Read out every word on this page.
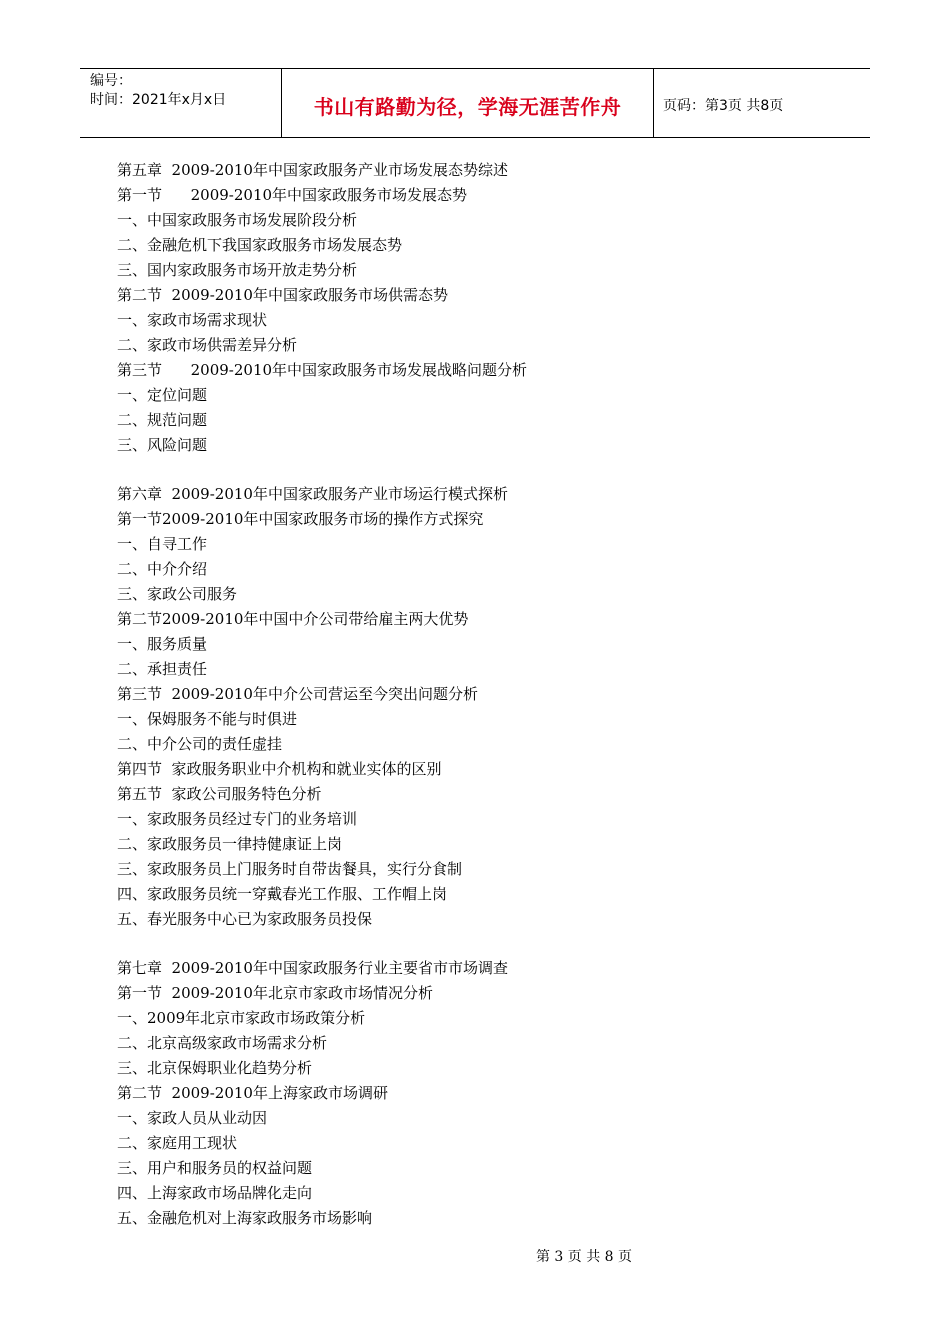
编号：
时间：2021年x月x日	书山有路勤为径，学海无涯苦作舟	页码：第3页 共8页
第五章  2009-2010年中国家政服务产业市场发展态势综述
第一节      2009-2010年中国家政服务市场发展态势
一、中国家政服务市场发展阶段分析
二、金融危机下我国家政服务市场发展态势
三、国内家政服务市场开放走势分析
第二节  2009-2010年中国家政服务市场供需态势
一、家政市场需求现状
二、家政市场供需差异分析
第三节      2009-2010年中国家政服务市场发展战略问题分析
一、定位问题
二、规范问题
三、风险问题
第六章  2009-2010年中国家政服务产业市场运行模式探析
第一节2009-2010年中国家政服务市场的操作方式探究
一、自寻工作
二、中介介绍
三、家政公司服务
第二节2009-2010年中国中介公司带给雇主两大优势
一、服务质量
二、承担责任
第三节  2009-2010年中介公司营运至今突出问题分析
一、保姆服务不能与时俱进
二、中介公司的责任虚挂
第四节  家政服务职业中介机构和就业实体的区别
第五节  家政公司服务特色分析
一、家政服务员经过专门的业务培训
二、家政服务员一律持健康证上岗
三、家政服务员上门服务时自带齿餐具，实行分食制
四、家政服务员统一穿戴春光工作服、工作帽上岗
五、春光服务中心已为家政服务员投保
第七章  2009-2010年中国家政服务行业主要省市市场调查
第一节  2009-2010年北京市家政市场情况分析
一、2009年北京市家政市场政策分析
二、北京高级家政市场需求分析
三、北京保姆职业化趋势分析
第二节  2009-2010年上海家政市场调研
一、家政人员从业动因
二、家庭用工现状
三、用户和服务员的权益问题
四、上海家政市场品牌化走向
五、金融危机对上海家政服务市场影响
第 3 页 共 8 页
